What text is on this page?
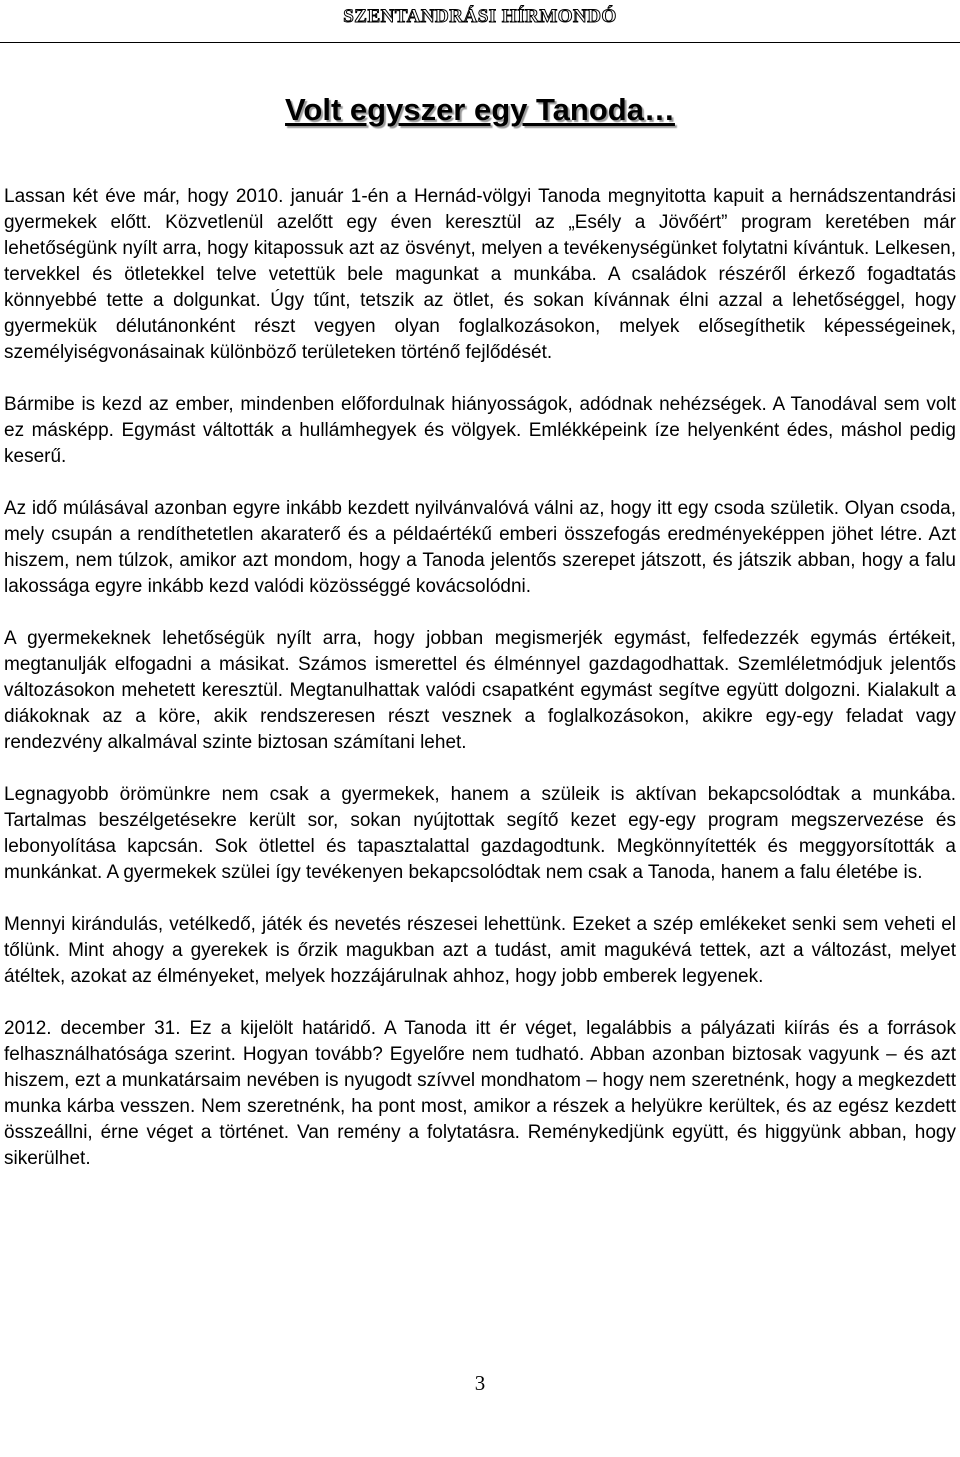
SZENTANDRÁSI HÍRMONDÓ
Volt egyszer egy Tanoda…

Lassan két éve már, hogy 2010. január 1-én a Hernád-völgyi Tanoda megnyitotta kapuit a hernádszentandrási gyermekek előtt. Közvetlenül azelőtt egy éven keresztül az „Esély a Jövőért” program keretében már lehetőségünk nyílt arra, hogy kitapossuk azt az ösvényt, melyen a tevékenységünket folytatni kívántuk. Lelkesen, tervekkel és ötletekkel telve vetettük bele magunkat a munkába. A családok részéről érkező fogadtatás könnyebbé tette a dolgunkat. Úgy tűnt, tetszik az ötlet, és sokan kívánnak élni azzal a lehetőséggel, hogy gyermekük délutánonként részt vegyen olyan foglalkozásokon, melyek elősegíthetik képességeinek, személyiségvonásainak különböző területeken történő fejlődését.

Bármibe is kezd az ember, mindenben előfordulnak hiányosságok, adódnak nehézségek. A Tanodával sem volt ez másképp. Egymást váltották a hullámhegyek és völgyek. Emlékképeink íze helyenként édes, máshol pedig keserű.

Az idő múlásával azonban egyre inkább kezdett nyilvánvalóvá válni az, hogy itt egy csoda születik. Olyan csoda, mely csupán a rendíthetetlen akaraterő és a példaértékű emberi összefogás eredményeképpen jöhet létre. Azt hiszem, nem túlzok, amikor azt mondom, hogy a Tanoda jelentős szerepet játszott, és játszik abban, hogy a falu lakossága egyre inkább kezd valódi közösséggé kovácsolódni.

A gyermekeknek lehetőségük nyílt arra, hogy jobban megismerjék egymást, felfedezzék egymás értékeit, megtanulják elfogadni a másikat. Számos ismerettel és élménnyel gazdagodhattak. Szemléletmódjuk jelentős változásokon mehetett keresztül. Megtanulhattak valódi csapatként egymást segítve együtt dolgozni. Kialakult a diákoknak az a köre, akik rendszeresen részt vesznek a foglalkozásokon, akikre egy-egy feladat vagy rendezvény alkalmával szinte biztosan számítani lehet.

Legnagyobb örömünkre nem csak a gyermekek, hanem a szüleik is aktívan bekapcsolódtak a munkába. Tartalmas beszélgetésekre került sor, sokan nyújtottak segítő kezet egy-egy program megszervezése és lebonyolítása kapcsán. Sok ötlettel és tapasztalattal gazdagodtunk. Megkönnyítették és meggyorsították a munkánkat. A gyermekek szülei így tevékenyen bekapcsolódtak nem csak a Tanoda, hanem a falu életébe is.

Mennyi kirándulás, vetélkedő, játék és nevetés részesei lehettünk. Ezeket a szép emlékeket senki sem veheti el tőlünk. Mint ahogy a gyerekek is őrzik magukban azt a tudást, amit magukévá tettek, azt a változást, melyet átéltek, azokat az élményeket, melyek hozzájárulnak ahhoz, hogy jobb emberek legyenek.

2012. december 31. Ez a kijelölt határidő. A Tanoda itt ér véget, legalábbis a pályázati kiírás és a források felhasználhatósága szerint. Hogyan tovább? Egyelőre nem tudható. Abban azonban biztosak vagyunk – és azt hiszem, ezt a munkatársaim nevében is nyugodt szívvel mondhatom – hogy nem szeretnénk, hogy a megkezdett munka kárba vesszen. Nem szeretnénk, ha pont most, amikor a részek a helyükre kerültek, és az egész kezdett összeállni, érne véget a történet. Van remény a folytatásra. Reménykedjünk együtt, és higgyünk abban, hogy sikerülhet.

3
